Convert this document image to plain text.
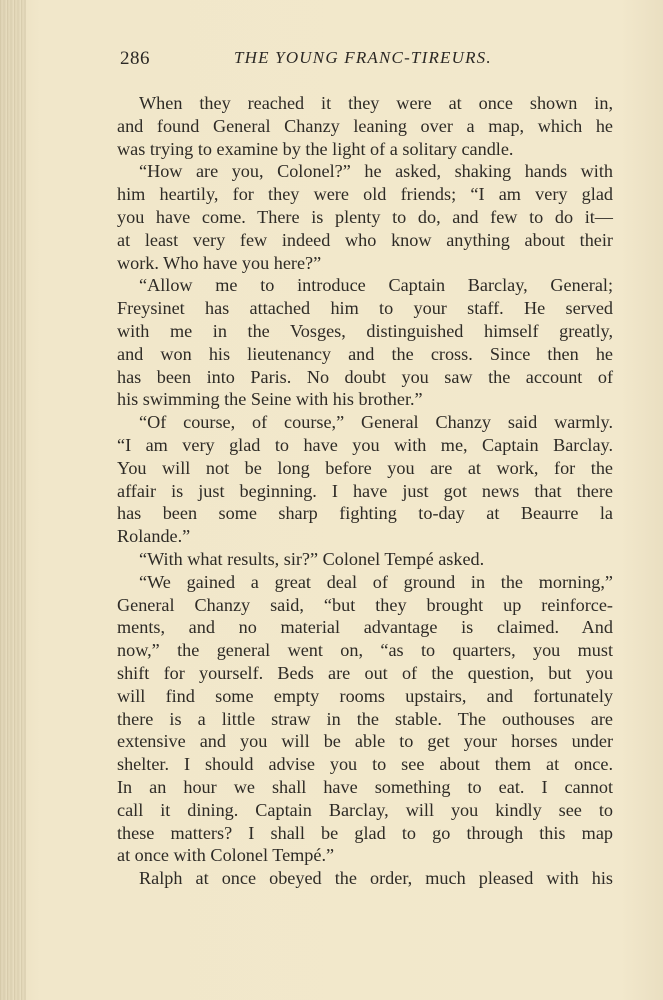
286	THE YOUNG FRANC-TIREURS.
When they reached it they were at once shown in,
and found General Chanzy leaning over a map, which he
was trying to examine by the light of a solitary candle.
“How are you, Colonel?” he asked, shaking hands with
him heartily, for they were old friends; “I am very glad
you have come. There is plenty to do, and few to do it—
at least very few indeed who know anything about their
work. Who have you here?”
“Allow me to introduce Captain Barclay, General;
Freysinet has attached him to your staff. He served
with me in the Vosges, distinguished himself greatly,
and won his lieutenancy and the cross. Since then he
has been into Paris. No doubt you saw the account of
his swimming the Seine with his brother.”
“Of course, of course,” General Chanzy said warmly.
“I am very glad to have you with me, Captain Barclay.
You will not be long before you are at work, for the
affair is just beginning. I have just got news that there
has been some sharp fighting to-day at Beaurre la
Rolande.”
“With what results, sir?” Colonel Tempé asked.
“We gained a great deal of ground in the morning,”
General Chanzy said, “but they brought up reinforce-
ments, and no material advantage is claimed. And
now,” the general went on, “as to quarters, you must
shift for yourself. Beds are out of the question, but you
will find some empty rooms upstairs, and fortunately
there is a little straw in the stable. The outhouses are
extensive and you will be able to get your horses under
shelter. I should advise you to see about them at once.
In an hour we shall have something to eat. I cannot
call it dining. Captain Barclay, will you kindly see to
these matters? I shall be glad to go through this map
at once with Colonel Tempé.”
Ralph at once obeyed the order, much pleased with his
